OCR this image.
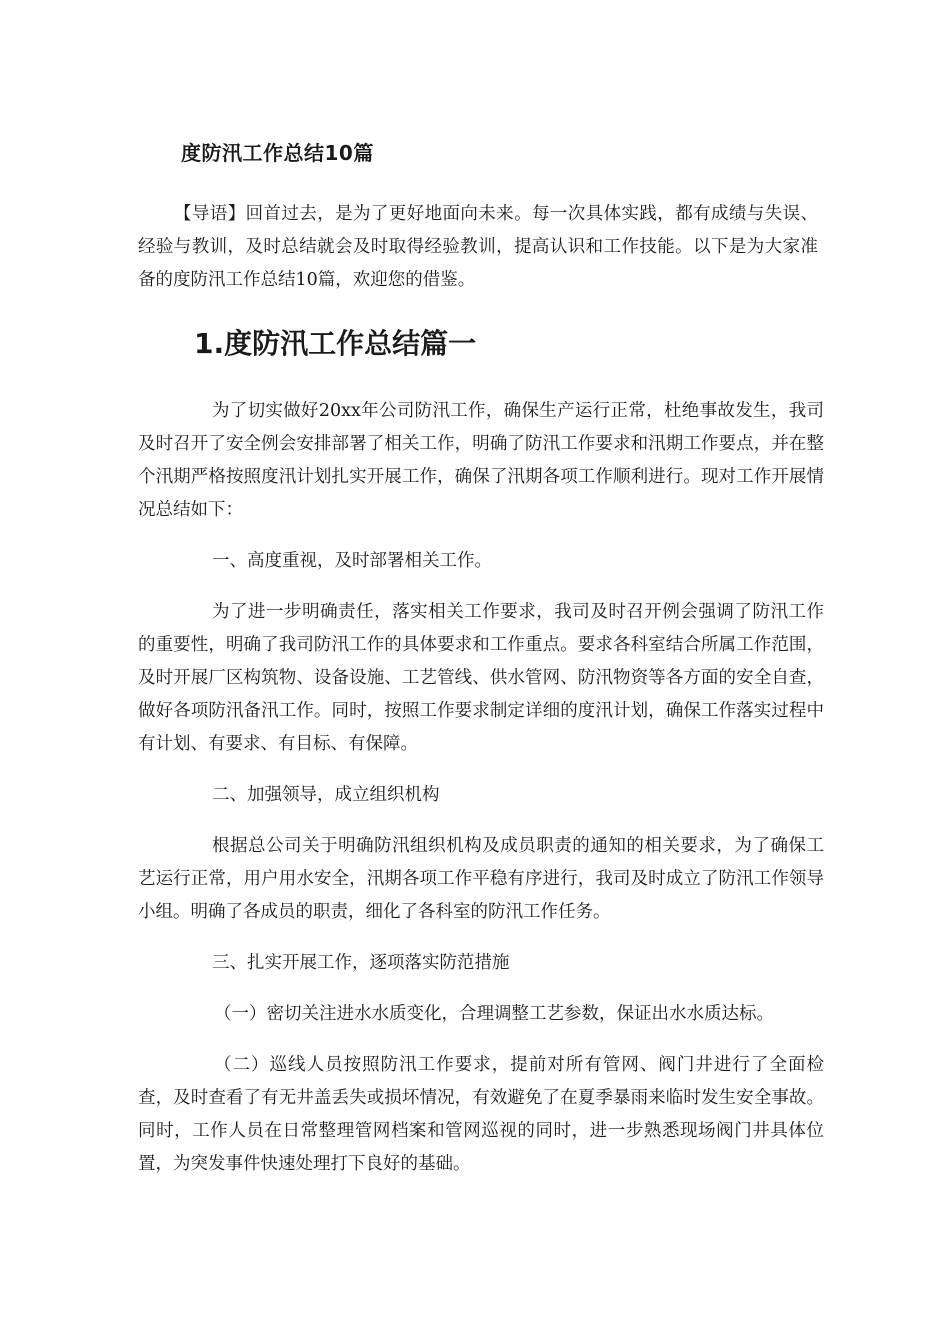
度防汛工作总结10篇

【导语】回首过去，是为了更好地面向未来。每一次具体实践，都有成绩与失误、经验与教训，及时总结就会及时取得经验教训，提高认识和工作技能。以下是为大家准备的度防汛工作总结10篇，欢迎您的借鉴。

1.度防汛工作总结篇一

为了切实做好20xx年公司防汛工作，确保生产运行正常，杜绝事故发生，我司及时召开了安全例会安排部署了相关工作，明确了防汛工作要求和汛期工作要点，并在整个汛期严格按照度汛计划扎实开展工作，确保了汛期各项工作顺利进行。现对工作开展情况总结如下：

一、高度重视，及时部署相关工作。

为了进一步明确责任，落实相关工作要求，我司及时召开例会强调了防汛工作的重要性，明确了我司防汛工作的具体要求和工作重点。要求各科室结合所属工作范围，及时开展厂区构筑物、设备设施、工艺管线、供水管网、防汛物资等各方面的安全自查，做好各项防汛备汛工作。同时，按照工作要求制定详细的度汛计划，确保工作落实过程中有计划、有要求、有目标、有保障。

二、加强领导，成立组织机构

根据总公司关于明确防汛组织机构及成员职责的通知的相关要求，为了确保工艺运行正常，用户用水安全，汛期各项工作平稳有序进行，我司及时成立了防汛工作领导小组。明确了各成员的职责，细化了各科室的防汛工作任务。

三、扎实开展工作，逐项落实防范措施

（一）密切关注进水水质变化，合理调整工艺参数，保证出水水质达标。

（二）巡线人员按照防汛工作要求，提前对所有管网、阀门井进行了全面检查，及时查看了有无井盖丢失或损坏情况，有效避免了在夏季暴雨来临时发生安全事故。同时，工作人员在日常整理管网档案和管网巡视的同时，进一步熟悉现场阀门井具体位置，为突发事件快速处理打下良好的基础。
